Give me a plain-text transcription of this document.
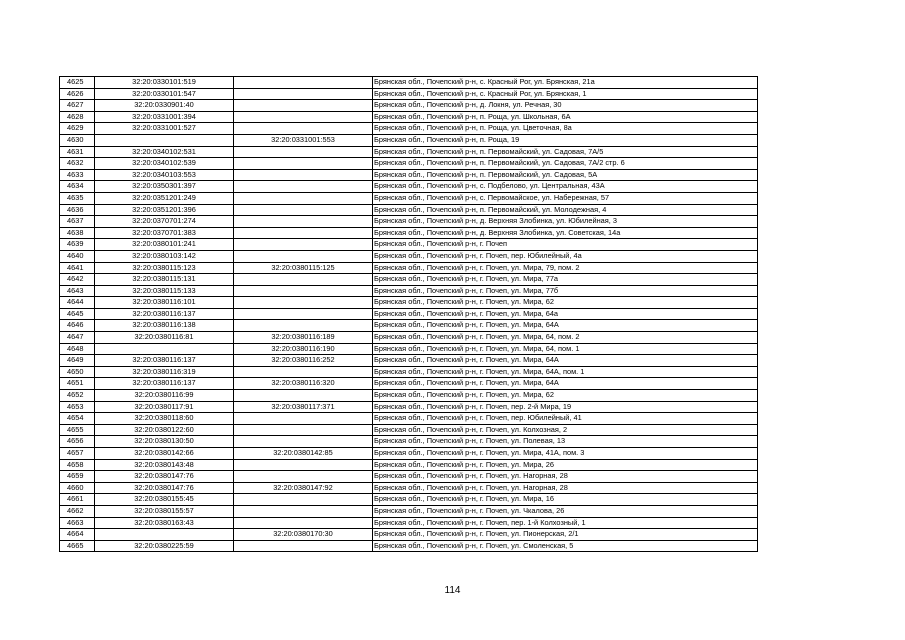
4625	32:20:0330101:519		Брянская обл., Почепский р-н, с. Красный Рог, ул. Брянская, 21а
4626	32:20:0330101:547		Брянская обл., Почепский р-н, с. Красный Рог, ул. Брянская, 1
4627	32:20:0330901:40		Брянская обл., Почепский р-н, д. Локня, ул. Речная, 30
4628	32:20:0331001:394		Брянская обл., Почепский р-н, п. Роща, ул. Школьная, 6А
4629	32:20:0331001:527		Брянская обл., Почепский р-н, п. Роща, ул. Цветочная, 8а
4630		32:20:0331001:553	Брянская обл., Почепский р-н, п. Роща, 19
4631	32:20:0340102:531		Брянская обл., Почепский р-н, п. Первомайский, ул. Садовая, 7А/5
4632	32:20:0340102:539		Брянская обл., Почепский р-н, п. Первомайский, ул. Садовая, 7А/2 стр. 6
4633	32:20:0340103:553		Брянская обл., Почепский р-н, п. Первомайский, ул. Садовая, 5А
4634	32:20:0350301:397		Брянская обл., Почепский р-н, с. Подбелово, ул. Центральная, 43А
4635	32:20:0351201:249		Брянская обл., Почепский р-н, с. Первомайское, ул. Набережная, 57
4636	32:20:0351201:396		Брянская обл., Почепский р-н, п. Первомайский, ул. Молодежная, 4
4637	32:20:0370701:274		Брянская обл., Почепский р-н, д. Верхняя Злобинка, ул. Юбилейная, 3
4638	32:20:0370701:383		Брянская обл., Почепский р-н, д. Верхняя Злобинка, ул. Советская, 14а
4639	32:20:0380101:241		Брянская обл., Почепский р-н, г. Почеп
4640	32:20:0380103:142		Брянская обл., Почепский р-н, г. Почеп, пер. Юбилейный, 4а
4641	32:20:0380115:123	32:20:0380115:125	Брянская обл., Почепский р-н, г. Почеп, ул. Мира, 79, пом. 2
4642	32:20:0380115:131		Брянская обл., Почепский р-н, г. Почеп, ул. Мира, 77а
4643	32:20:0380115:133		Брянская обл., Почепский р-н, г. Почеп, ул. Мира, 77б
4644	32:20:0380116:101		Брянская обл., Почепский р-н, г. Почеп, ул. Мира, 62
4645	32:20:0380116:137		Брянская обл., Почепский р-н, г. Почеп, ул. Мира, 64а
4646	32:20:0380116:138		Брянская обл., Почепский р-н, г. Почеп, ул. Мира, 64А
4647	32:20:0380116:81	32:20:0380116:189	Брянская обл., Почепский р-н, г. Почеп, ул. Мира, 64, пом. 2
4648		32:20:0380116:190	Брянская обл., Почепский р-н, г. Почеп, ул. Мира, 64, пом. 1
4649	32:20:0380116:137	32:20:0380116:252	Брянская обл., Почепский р-н, г. Почеп, ул. Мира, 64А
4650	32:20:0380116:319		Брянская обл., Почепский р-н, г. Почеп, ул. Мира, 64А, пом. 1
4651	32:20:0380116:137	32:20:0380116:320	Брянская обл., Почепский р-н, г. Почеп, ул. Мира, 64А
4652	32:20:0380116:99		Брянская обл., Почепский р-н, г. Почеп, ул. Мира, 62
4653	32:20:0380117:91	32:20:0380117:371	Брянская обл., Почепский р-н, г. Почеп, пер. 2-й Мира, 19
4654	32:20:0380118:60		Брянская обл., Почепский р-н, г. Почеп, пер. Юбилейный, 41
4655	32:20:0380122:60		Брянская обл., Почепский р-н, г. Почеп, ул. Колхозная, 2
4656	32:20:0380130:50		Брянская обл., Почепский р-н, г. Почеп, ул. Полевая, 13
4657	32:20:0380142:66	32:20:0380142:85	Брянская обл., Почепский р-н, г. Почеп, ул. Мира, 41А, пом. 3
4658	32:20:0380143:48		Брянская обл., Почепский р-н, г. Почеп, ул. Мира, 26
4659	32:20:0380147:76		Брянская обл., Почепский р-н, г. Почеп, ул. Нагорная, 28
4660	32:20:0380147:76	32:20:0380147:92	Брянская обл., Почепский р-н, г. Почеп, ул. Нагорная, 28
4661	32:20:0380155:45		Брянская обл., Почепский р-н, г. Почеп, ул. Мира, 16
4662	32:20:0380155:57		Брянская обл., Почепский р-н, г. Почеп, ул. Чкалова, 26
4663	32:20:0380163:43		Брянская обл., Почепский р-н, г. Почеп, пер. 1-й Колхозный, 1
4664		32:20:0380170:30	Брянская обл., Почепский р-н, г. Почеп, ул. Пионерская, 2/1
4665	32:20:0380225:59		Брянская обл., Почепский р-н, г. Почеп, ул. Смоленская, 5
114
